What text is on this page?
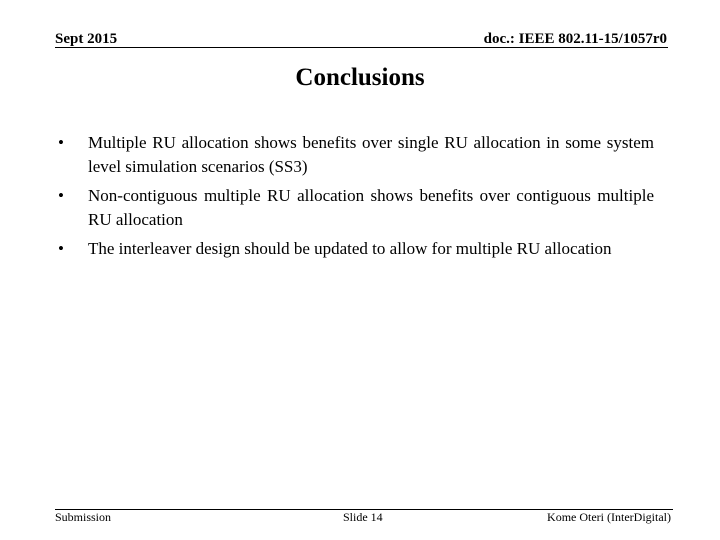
Sept 2015	doc.: IEEE 802.11-15/1057r0
Conclusions
• Multiple RU allocation shows benefits over single RU allocation in some system level simulation scenarios (SS3)
• Non-contiguous multiple RU allocation shows benefits over contiguous multiple RU allocation
• The interleaver design should be updated to allow for multiple RU allocation
Submission	Slide 14	Kome Oteri (InterDigital)
